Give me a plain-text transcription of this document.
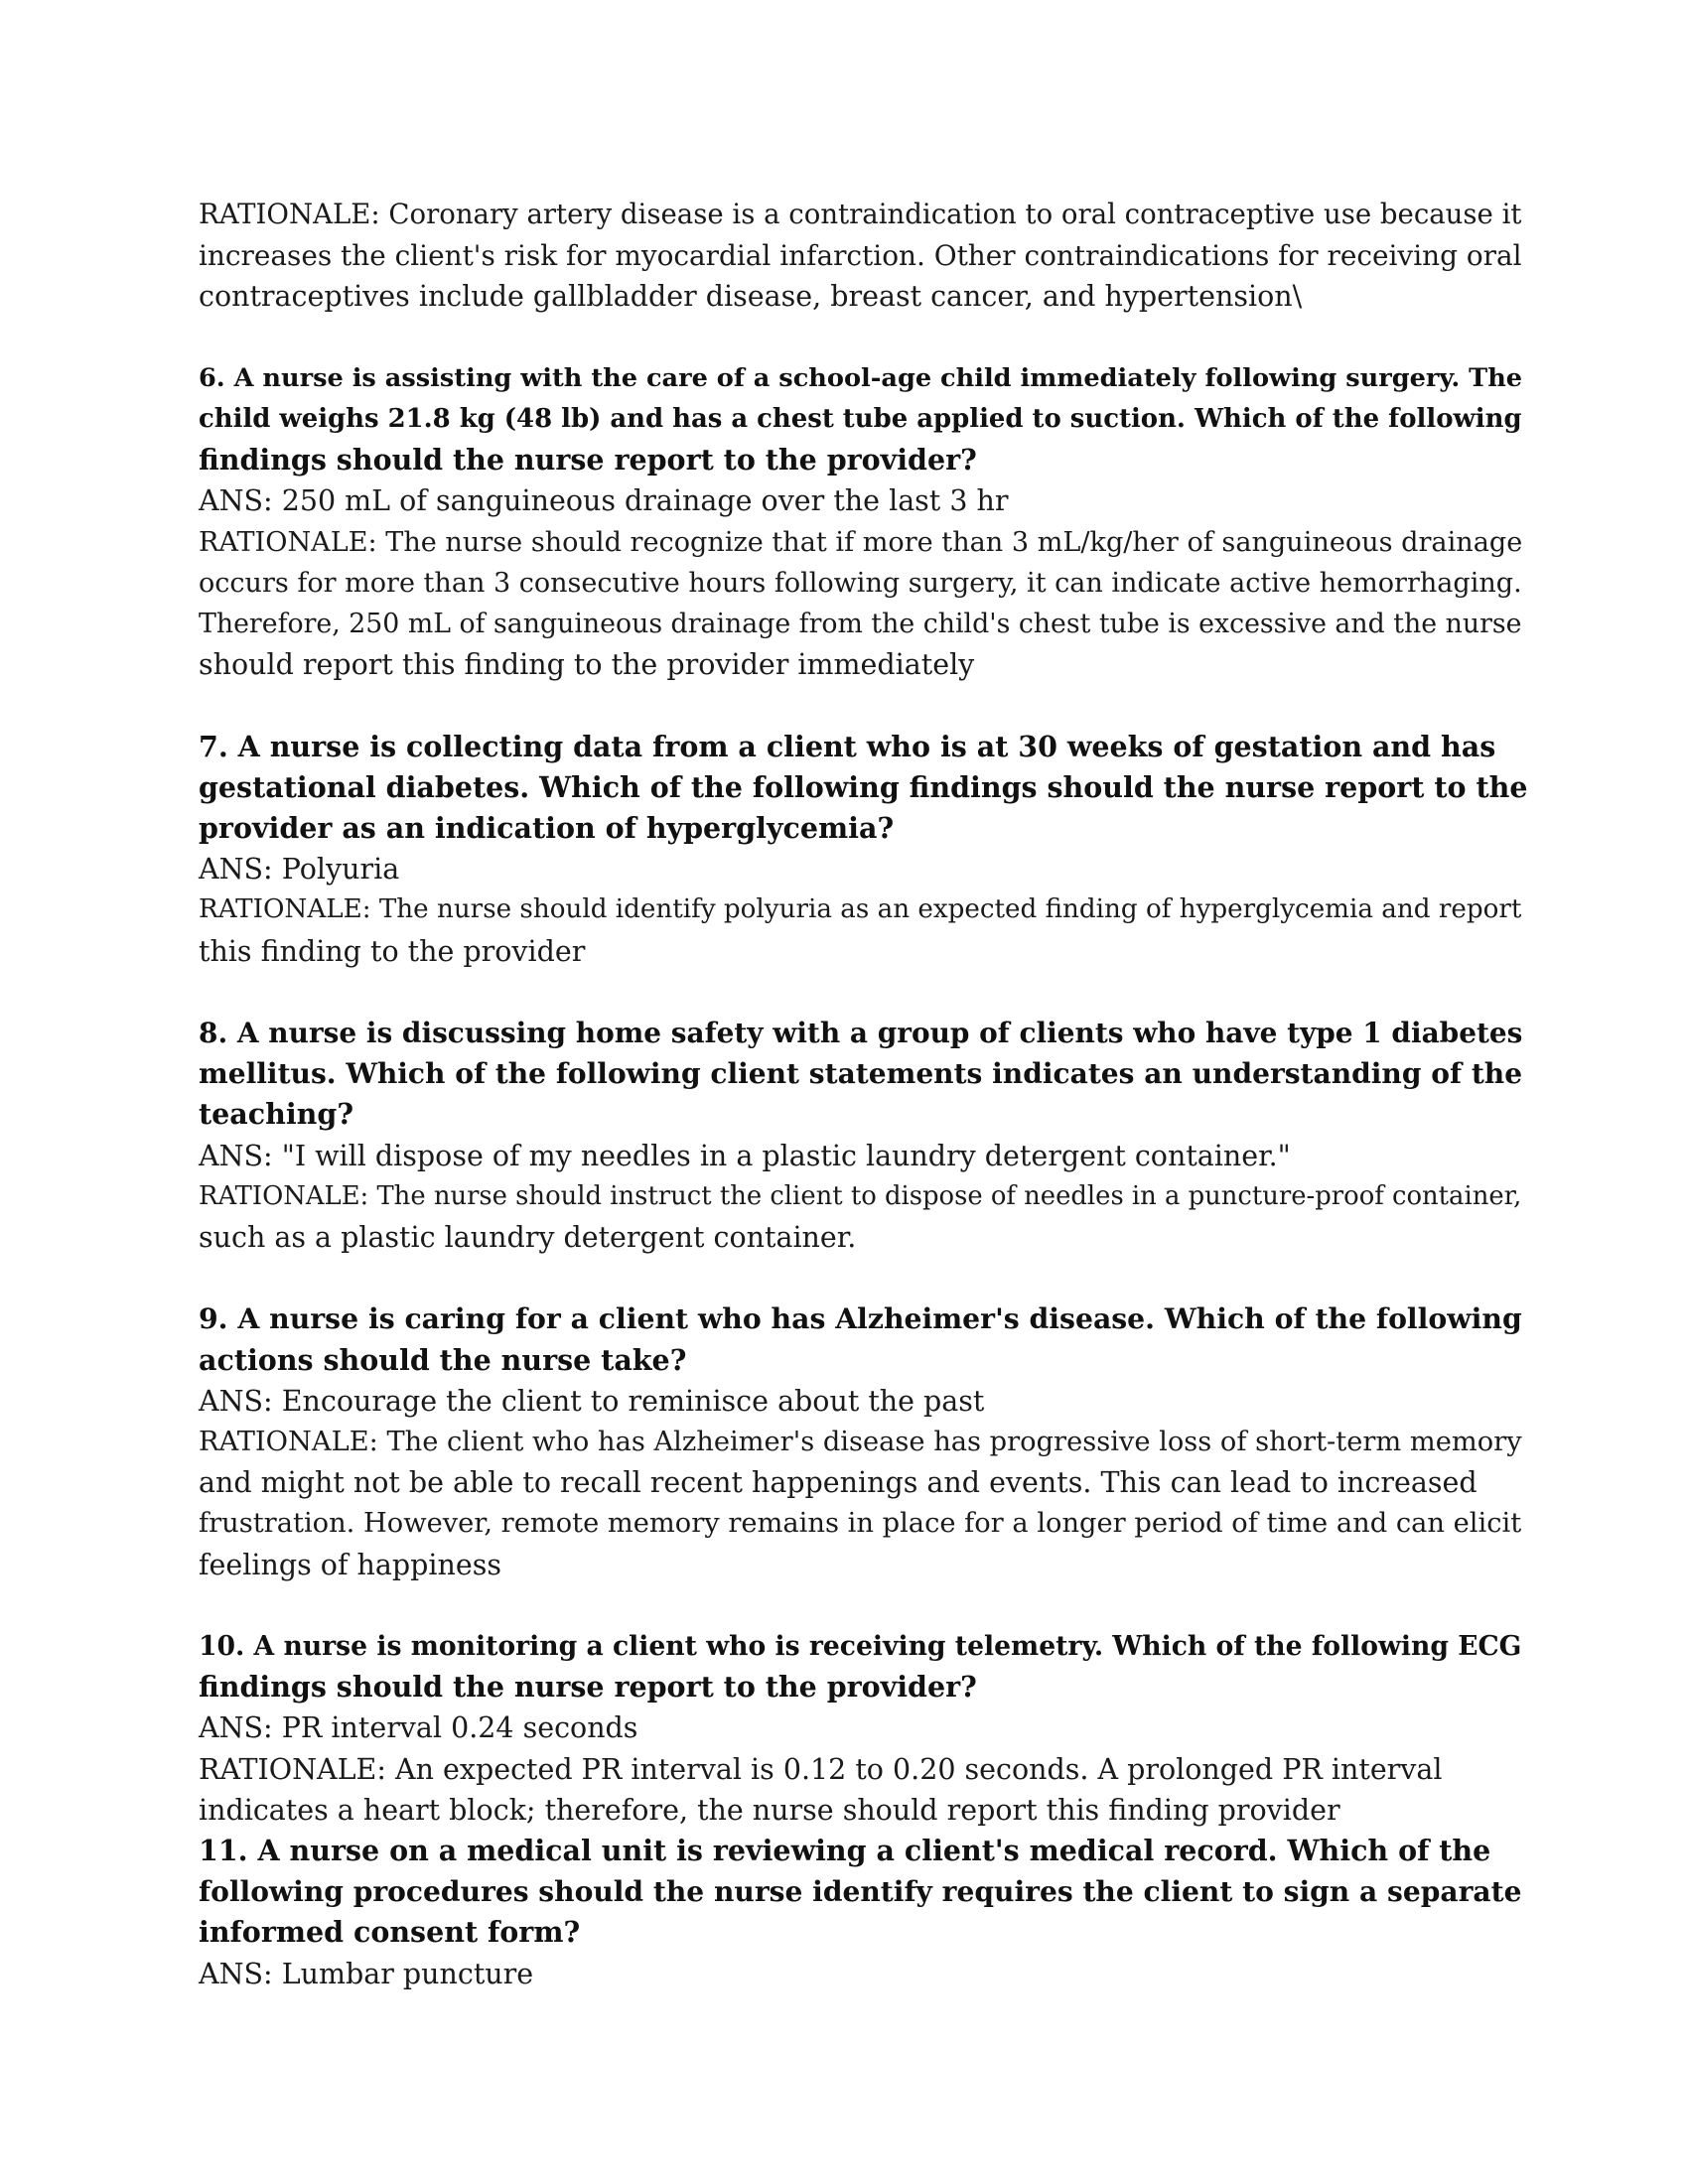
RATIONALE: Coronary artery disease is a contraindication to oral contraceptive use because it
increases the client's risk for myocardial infarction. Other contraindications for receiving oral
contraceptives include gallbladder disease, breast cancer, and hypertension\
6. A nurse is assisting with the care of a school-age child immediately following surgery. The
child weighs 21.8 kg (48 lb) and has a chest tube applied to suction. Which of the following
findings should the nurse report to the provider?
ANS: 250 mL of sanguineous drainage over the last 3 hr
RATIONALE: The nurse should recognize that if more than 3 mL/kg/her of sanguineous drainage
occurs for more than 3 consecutive hours following surgery, it can indicate active hemorrhaging.
Therefore, 250 mL of sanguineous drainage from the child's chest tube is excessive and the nurse
should report this finding to the provider immediately
7. A nurse is collecting data from a client who is at 30 weeks of gestation and has
gestational diabetes. Which of the following findings should the nurse report to the
provider as an indication of hyperglycemia?
ANS: Polyuria
RATIONALE: The nurse should identify polyuria as an expected finding of hyperglycemia and report
this finding to the provider
8. A nurse is discussing home safety with a group of clients who have type 1 diabetes
mellitus. Which of the following client statements indicates an understanding of the
teaching?
ANS: "I will dispose of my needles in a plastic laundry detergent container."
RATIONALE: The nurse should instruct the client to dispose of needles in a puncture-proof container,
such as a plastic laundry detergent container.
9. A nurse is caring for a client who has Alzheimer's disease. Which of the following
actions should the nurse take?
ANS: Encourage the client to reminisce about the past
RATIONALE: The client who has Alzheimer's disease has progressive loss of short-term memory
and might not be able to recall recent happenings and events. This can lead to increased
frustration. However, remote memory remains in place for a longer period of time and can elicit
feelings of happiness
10. A nurse is monitoring a client who is receiving telemetry. Which of the following ECG
findings should the nurse report to the provider?
ANS: PR interval 0.24 seconds
RATIONALE: An expected PR interval is 0.12 to 0.20 seconds. A prolonged PR interval
indicates a heart block; therefore, the nurse should report this finding provider
11. A nurse on a medical unit is reviewing a client's medical record. Which of the
following procedures should the nurse identify requires the client to sign a separate
informed consent form?
ANS: Lumbar puncture
